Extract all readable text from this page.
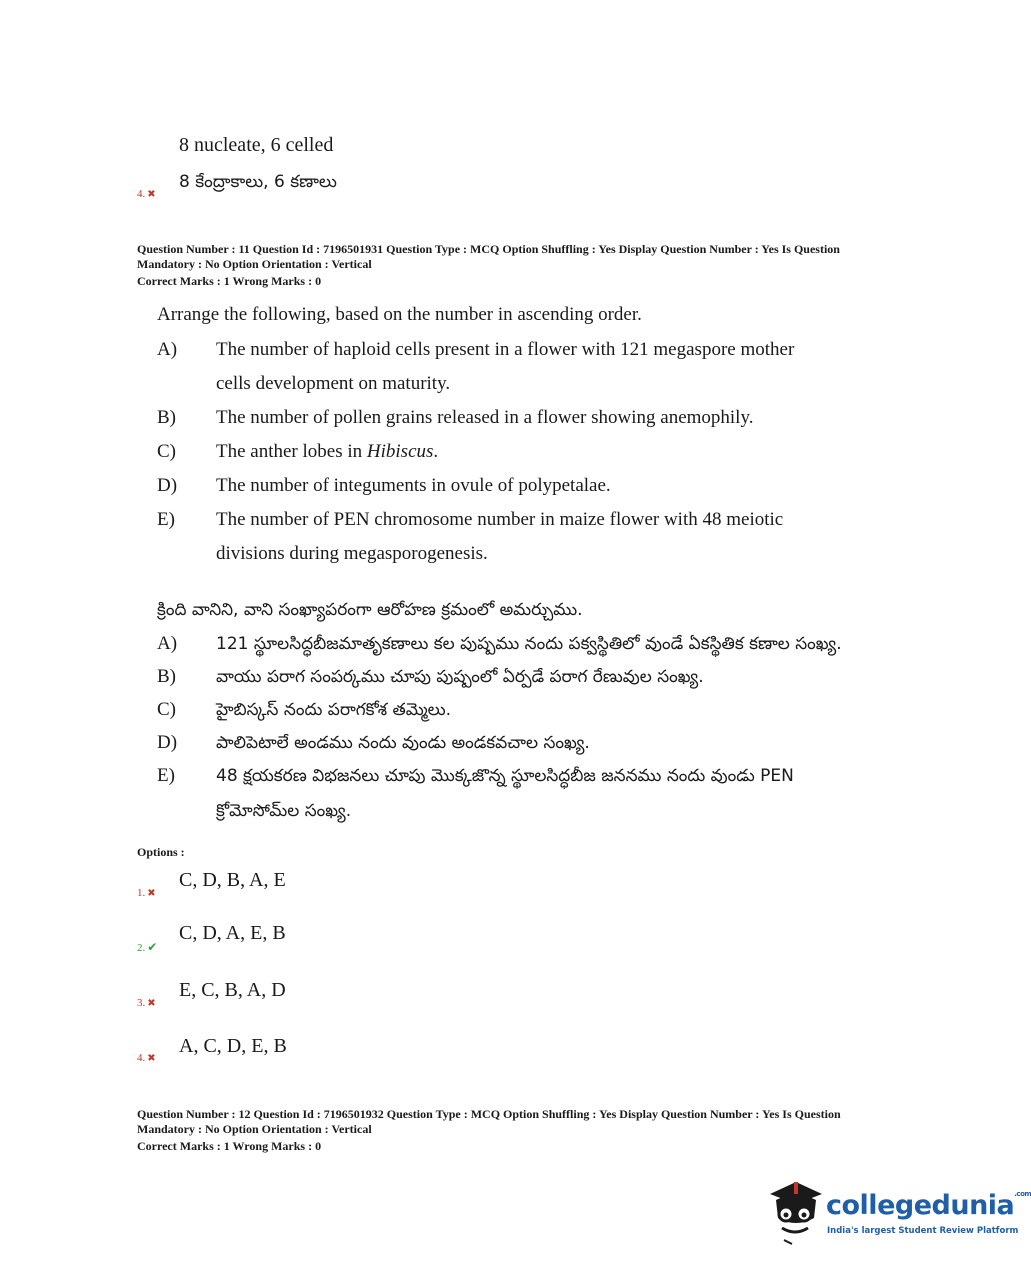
8 nucleate, 6 celled
8 కేంద్రాకాలు, 6 కణాలు
4. ✖
Question Number : 11 Question Id : 7196501931 Question Type : MCQ Option Shuffling : Yes Display Question Number : Yes Is Question
Mandatory : No Option Orientation : Vertical
Correct Marks : 1 Wrong Marks : 0
Arrange the following, based on the number in ascending order.
A) The number of haploid cells present in a flower with 121 megaspore mother
cells development on maturity.
B) The number of pollen grains released in a flower showing anemophily.
C) The anther lobes in Hibiscus.
D) The number of integuments in ovule of polypetalae.
E) The number of PEN chromosome number in maize flower with 48 meiotic
divisions during megasporogenesis.
క్రింది వానిని, వాని సంఖ్యాపరంగా ఆరోహణ క్రమంలో అమర్చుము.
A) 121 స్థూలసిద్ధబీజమాతృకణాలు కల పుష్పము నందు పక్వస్థితిలో వుండే ఏకస్థితిక కణాల సంఖ్య.
B) వాయు పరాగ సంపర్కము చూపు పుష్పంలో ఏర్పడే పరాగ రేణువుల సంఖ్య.
C) హైబిస్కస్ నందు పరాగకోశ తమ్మెలు.
D) పాలిపెటాలే అండము నందు వుండు అండకవచాల సంఖ్య.
E) 48 క్షయకరణ విభజనలు చూపు మొక్కజొన్న స్థూలసిద్ధబీజ జననము నందు వుండు PEN
క్రోమోసోమ్‌ల సంఖ్య.
Options :
C, D, B, A, E
1. ✖
C, D, A, E, B
2. ✔
E, C, B, A, D
3. ✖
A, C, D, E, B
4. ✖
Question Number : 12 Question Id : 7196501932 Question Type : MCQ Option Shuffling : Yes Display Question Number : Yes Is Question
Mandatory : No Option Orientation : Vertical
Correct Marks : 1 Wrong Marks : 0
collegedunia$^{.com}$
India's largest Student Review Platform
